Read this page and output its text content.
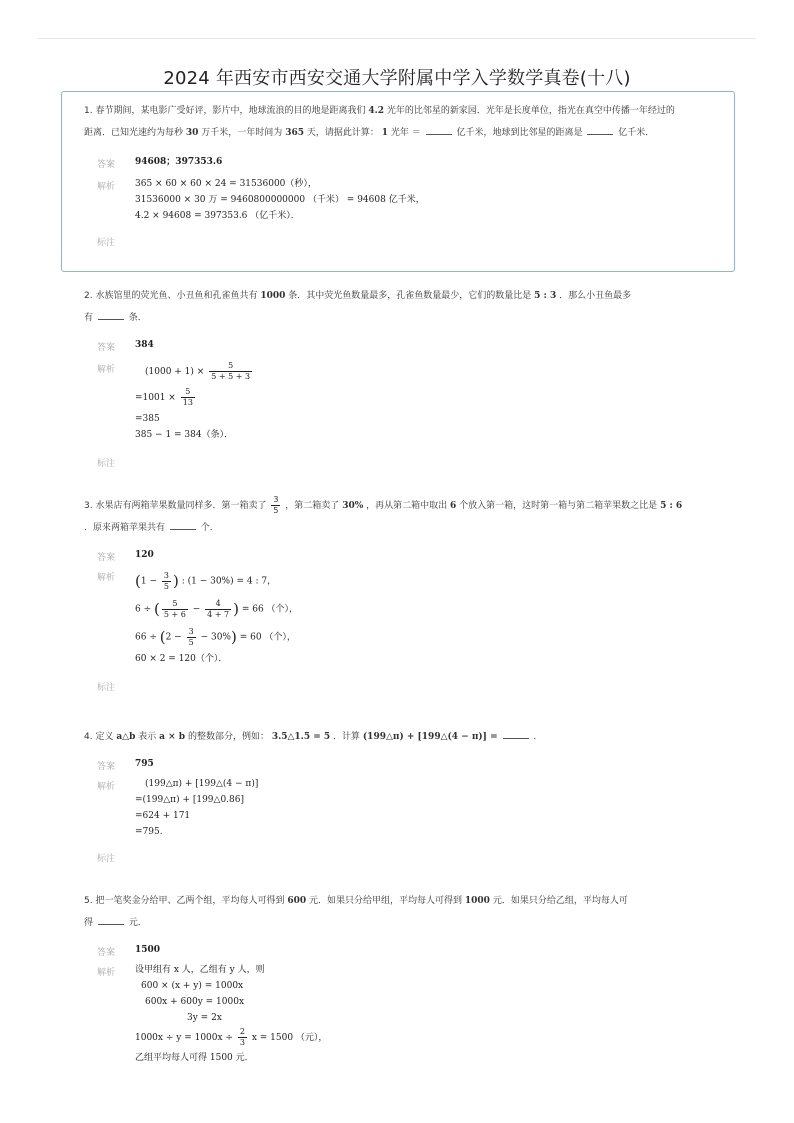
2024 年西安市西安交通大学附属中学入学数学真卷(十八)
1. 春节期间，某电影广受好评，影片中，地球流浪的目的地是距离我们 4.2 光年的比邻星的新家园．光年是长度单位，指光在真空中传播一年经过的
距离．已知光速约为每秒 30 万千米，一年时间为 365 天，请据此计算： 1 光年 ＝	亿千米，地球到比邻星的距离是	亿千米．
答案	94608；397353.6
解析	365 × 60 × 60 × 24 = 31536000（秒），
31536000 × 30 万 = 9460800000000 （千米） = 94608 亿千米，
4.2 × 94608 = 397353.6 （亿千米）．
标注
2. 水族馆里的荧光鱼、小丑鱼和孔雀鱼共有 1000 条．其中荧光鱼数量最多，孔雀鱼数量最少，它们的数量比是 5 : 3 ．那么小丑鱼最多
有	条．
答案	384
解析	$(1000 + 1) \times \frac{5}{5 + 5 + 3}$
$=1001 \times \frac{5}{13}$
=385
385 − 1 = 384（条）．
标注
3. 水果店有两箱苹果数量同样多．第一箱卖了 $\frac{3}{5}$ ，第二箱卖了 30% ，再从第二箱中取出 6 个放入第一箱，这时第一箱与第二箱苹果数之比是 5 : 6
．原来两箱苹果共有	个．
答案	120
解析	($1 - \frac{3}{5}$ ) : (1 − 30%) = 4 : 7，
6 ÷ ( $\frac{5}{5 + 6} - \frac{4}{4 + 7}$ ) = 66 （个），
$66 \div (2 - \frac{3}{5} - 30\%) = 60$ （个），
60 × 2 = 120（个）．
标注
4. 定义 a△b 表示 a × b 的整数部分，例如： 3.5△1.5 = 5 ．计算 (199△π) + [199△(4 − π)] =	．
答案	795
解析	(199△π) + [199△(4 − π)]
=(199△π) + [199△0.86]
=624 + 171
=795.
标注
5. 把一笔奖金分给甲、乙两个组，平均每人可得到 600 元．如果只分给甲组，平均每人可得到 1000 元．如果只分给乙组，平均每人可
得	元．
答案	1500
解析	设甲组有 x 人，乙组有 y 人，则
600 × (x + y) = 1000x
600x + 600y = 1000x
3y = 2x
$1000x \div y = 1000x \div \frac{2}{3}$ x = 1500 （元），
乙组平均每人可得 1500 元．
